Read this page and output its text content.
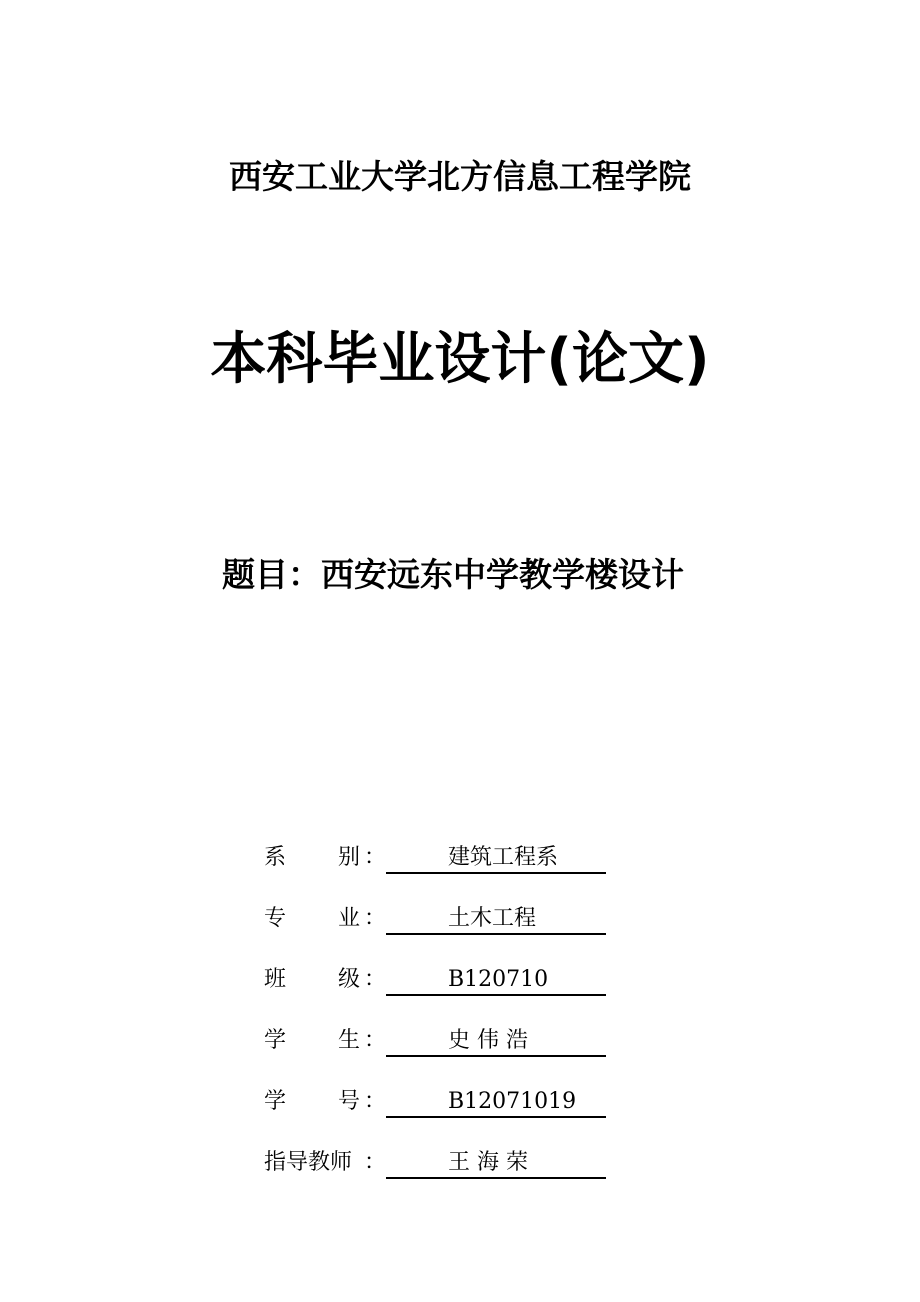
西安工业大学北方信息工程学院
本科毕业设计(论文)
题目：西安远东中学教学楼设计
系 别 ：	建筑工程系
专 业 ：	土木工程
班 级 ：	B120710
学 生 ：	史 伟 浩
学 号 ：	B12071019
指导教师 ：	王 海 荣
